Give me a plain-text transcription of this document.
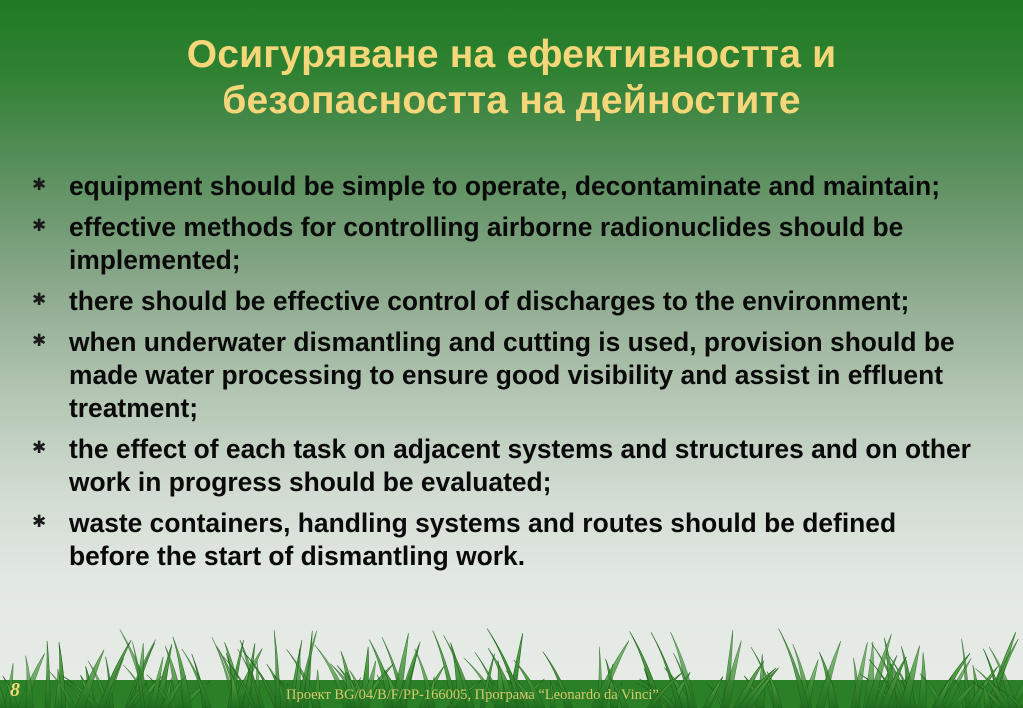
Осигуряване на ефективността и
безопасността на дейностите
✱ equipment should be simple to operate, decontaminate and maintain;
✱ effective methods for controlling airborne radionuclides should be implemented;
✱ there should be effective control of discharges to the environment;
✱ when underwater dismantling and cutting is used, provision should be made water processing to ensure good visibility and assist in effluent treatment;
✱ the effect of each task on adjacent systems and structures and on other work in progress should be evaluated;
✱ waste containers, handling systems and routes should be defined before the start of dismantling work.
8	Проект BG/04/B/F/PP-166005, Програма “Leonardo da Vinci”
